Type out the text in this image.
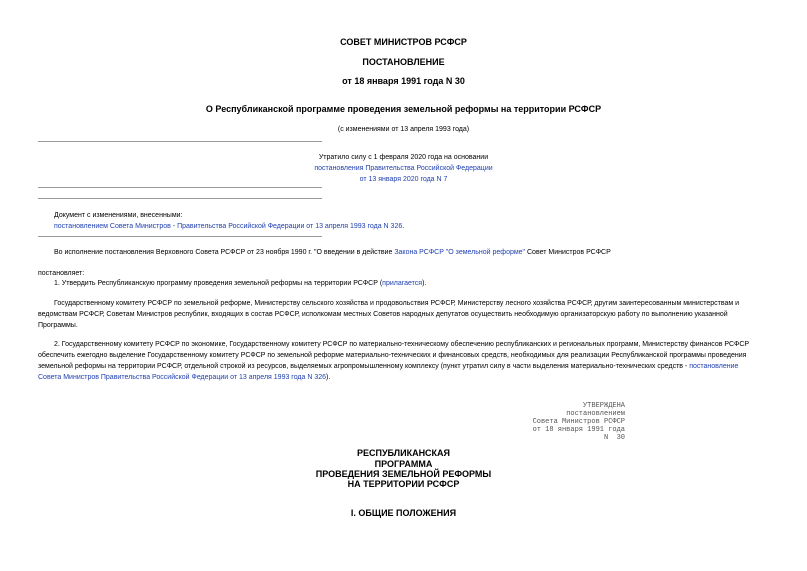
СОВЕТ МИНИСТРОВ РСФСР
ПОСТАНОВЛЕНИЕ
от 18 января 1991 года N 30
О Республиканской программе проведения земельной реформы на территории РСФСР
(с изменениями от 13 апреля 1993 года)
Утратило силу с 1 февраля 2020 года на основании
постановления Правительства Российской Федерации
от 13 января 2020 года N 7
Документ с изменениями, внесенными:
постановлением Совета Министров - Правительства Российской Федерации от 13 апреля 1993 года N 326.
Во исполнение постановления Верховного Совета РСФСР от 23 ноября 1990 г. "О введении в действие Закона РСФСР "О земельной реформе" Совет Министров РСФСР
постановляет:
1. Утвердить Республиканскую программу проведения земельной реформы на территории РСФСР (прилагается).
Государственному комитету РСФСР по земельной реформе, Министерству сельского хозяйства и продовольствия РСФСР, Министерству лесного хозяйства РСФСР, другим заинтересованным министерствам и
ведомствам РСФСР, Советам Министров республик, входящих в состав РСФСР, исполкомам местных Советов народных депутатов осуществить необходимую организаторскую работу по выполнению указанной
Программы.
2. Государственному комитету РСФСР по экономике, Государственному комитету РСФСР по материально-техническому обеспечению республиканских и региональных программ, Министерству финансов РСФСР
обеспечить ежегодно выделение Государственному комитету РСФСР по земельной реформе материально-технических и финансовых средств, необходимых для реализации Республиканской программы проведения
земельной реформы на территории РСФСР, отдельной строкой из ресурсов, выделяемых агропромышленному комплексу (пункт утратил силу в части выделения материально-технических средств - постановление
Совета Министров Правительства Российской Федерации от 13 апреля 1993 года N 326).
УТВЕРЖДЕНА
постановлением
Совета Министров РСФСР
от 18 января 1991 года
N  30
РЕСПУБЛИКАНСКАЯ
ПРОГРАММА
ПРОВЕДЕНИЯ ЗЕМЕЛЬНОЙ РЕФОРМЫ
НА ТЕРРИТОРИИ РСФСР
I. ОБЩИЕ ПОЛОЖЕНИЯ
